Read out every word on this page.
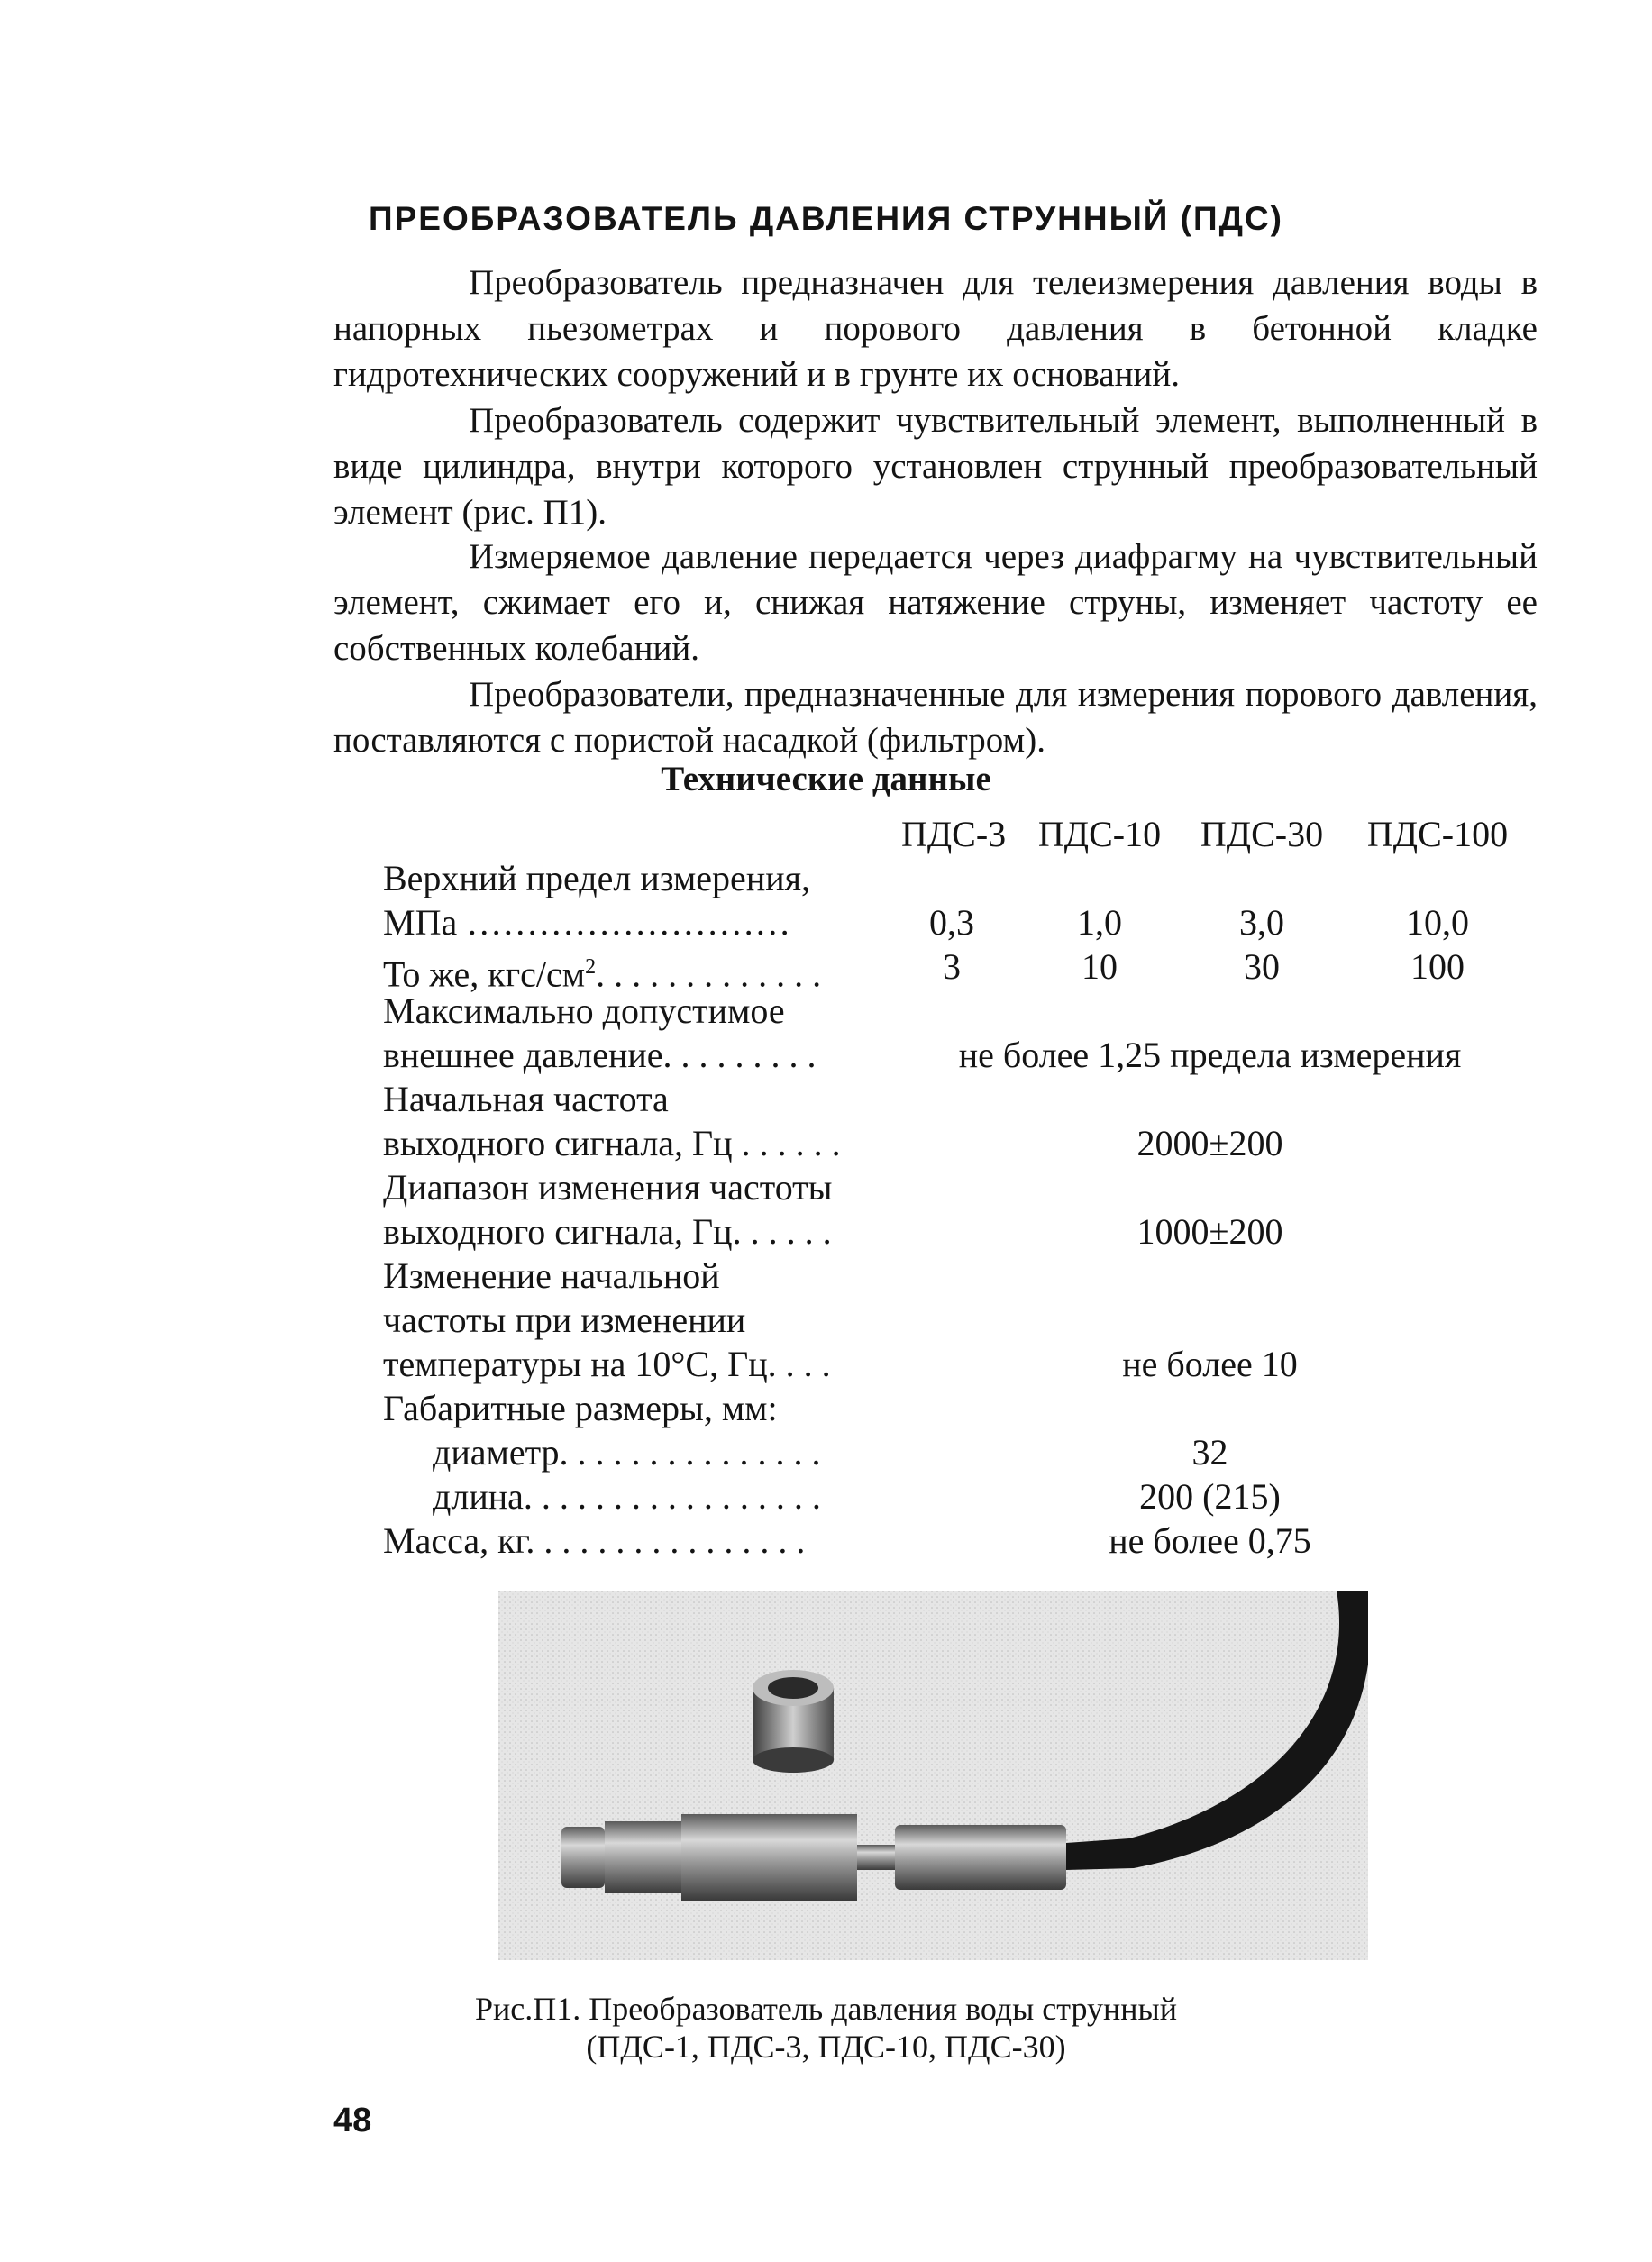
ПРЕОБРАЗОВАТЕЛЬ ДАВЛЕНИЯ СТРУННЫЙ (ПДС)

Преобразователь предназначен для телеизмерения давления воды в напорных пьезометрах и порового давления в бетонной кладке гидротехнических сооружений и в грунте их оснований.

Преобразователь содержит чувствительный элемент, выполненный в виде цилиндра, внутри которого установлен струнный преобразовательный элемент (рис. П1).

Измеряемое давление передается через диафрагму на чувствительный элемент, сжимает его и, снижая натяжение струны, изменяет частоту ее собственных колебаний.

Преобразователи, предназначенные для измерения порового давления, поставляются с пористой насадкой (фильтром).

Технические данные
ПДС-3 ПДС-10 ПДС-30 ПДС-100
Верхний предел измерения,
МПа ………………………	0,3	1,0	3,0	10,0
То же, кгс/$см^2$. . . . . . . . . . . . .	3	10	30	100
Максимально допустимое
внешнее давление. . . . . . . . .	не более 1,25 предела измерения
Начальная частота
выходного сигнала, Гц . . . . . .	2000±200
Диапазон изменения частоты
выходного сигнала, Гц. . . . . .	1000±200
Изменение начальной
частоты при изменении
температуры на 10°С, Гц. . . .	не более 10
Габаритные размеры, мм:
диаметр. . . . . . . . . . . . . . .	32
длина. . . . . . . . . . . . . . . . .	200 (215)
Масса, кг. . . . . . . . . . . . . . . .	не более 0,75
Рис.П1. Преобразователь давления воды струнный
(ПДС-1, ПДС-3, ПДС-10, ПДС-30)
48
